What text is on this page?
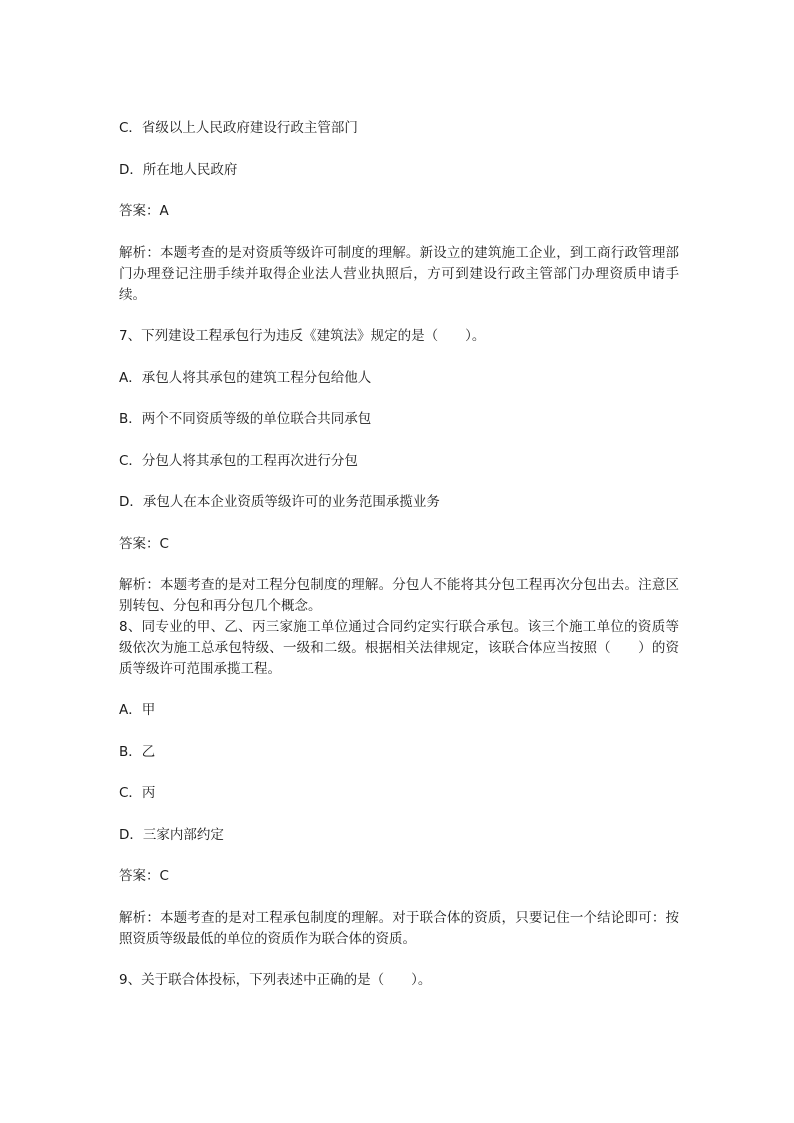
C．省级以上人民政府建设行政主管部门
D．所在地人民政府
答案：A
解析：本题考查的是对资质等级许可制度的理解。新设立的建筑施工企业，到工商行政管理部门办理登记注册手续并取得企业法人营业执照后，方可到建设行政主管部门办理资质申请手续。
7、下列建设工程承包行为违反《建筑法》规定的是（　　）。
A．承包人将其承包的建筑工程分包给他人
B．两个不同资质等级的单位联合共同承包
C．分包人将其承包的工程再次进行分包
D．承包人在本企业资质等级许可的业务范围承揽业务
答案：C
解析：本题考查的是对工程分包制度的理解。分包人不能将其分包工程再次分包出去。注意区别转包、分包和再分包几个概念。
8、同专业的甲、乙、丙三家施工单位通过合同约定实行联合承包。该三个施工单位的资质等级依次为施工总承包特级、一级和二级。根据相关法律规定，该联合体应当按照（　　）的资质等级许可范围承揽工程。
A．甲
B．乙
C．丙
D．三家内部约定
答案：C
解析：本题考查的是对工程承包制度的理解。对于联合体的资质，只要记住一个结论即可：按照资质等级最低的单位的资质作为联合体的资质。
9、关于联合体投标，下列表述中正确的是（　　）。
